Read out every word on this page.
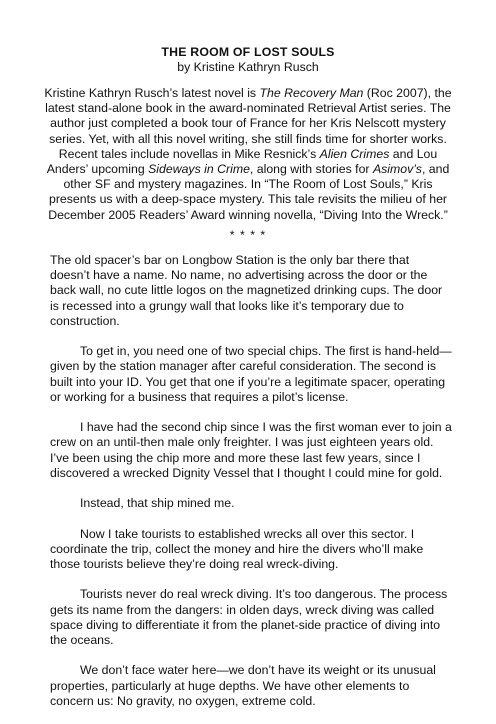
THE ROOM OF LOST SOULS
by Kristine Kathryn Rusch
Kristine Kathryn Rusch’s latest novel is The Recovery Man (Roc 2007), the latest stand-alone book in the award-nominated Retrieval Artist series. The author just completed a book tour of France for her Kris Nelscott mystery series. Yet, with all this novel writing, she still finds time for shorter works. Recent tales include novellas in Mike Resnick’s Alien Crimes and Lou Anders’ upcoming Sideways in Crime, along with stories for Asimov’s, and other SF and mystery magazines. In “The Room of Lost Souls,” Kris presents us with a deep-space mystery. This tale revisits the milieu of her December 2005 Readers’ Award winning novella, “Diving Into the Wreck.”
* * * *

The old spacer’s bar on Longbow Station is the only bar there that doesn’t have a name. No name, no advertising across the door or the back wall, no cute little logos on the magnetized drinking cups. The door is recessed into a grungy wall that looks like it’s temporary due to construction.

To get in, you need one of two special chips. The first is hand-held—given by the station manager after careful consideration. The second is built into your ID. You get that one if you’re a legitimate spacer, operating or working for a business that requires a pilot’s license.

I have had the second chip since I was the first woman ever to join a crew on an until-then male only freighter. I was just eighteen years old. I’ve been using the chip more and more these last few years, since I discovered a wrecked Dignity Vessel that I thought I could mine for gold.

Instead, that ship mined me.

Now I take tourists to established wrecks all over this sector. I coordinate the trip, collect the money and hire the divers who’ll make those tourists believe they’re doing real wreck-diving.

Tourists never do real wreck diving. It’s too dangerous. The process gets its name from the dangers: in olden days, wreck diving was called space diving to differentiate it from the planet-side practice of diving into the oceans.

We don’t face water here—we don’t have its weight or its unusual properties, particularly at huge depths. We have other elements to concern us: No gravity, no oxygen, extreme cold.
